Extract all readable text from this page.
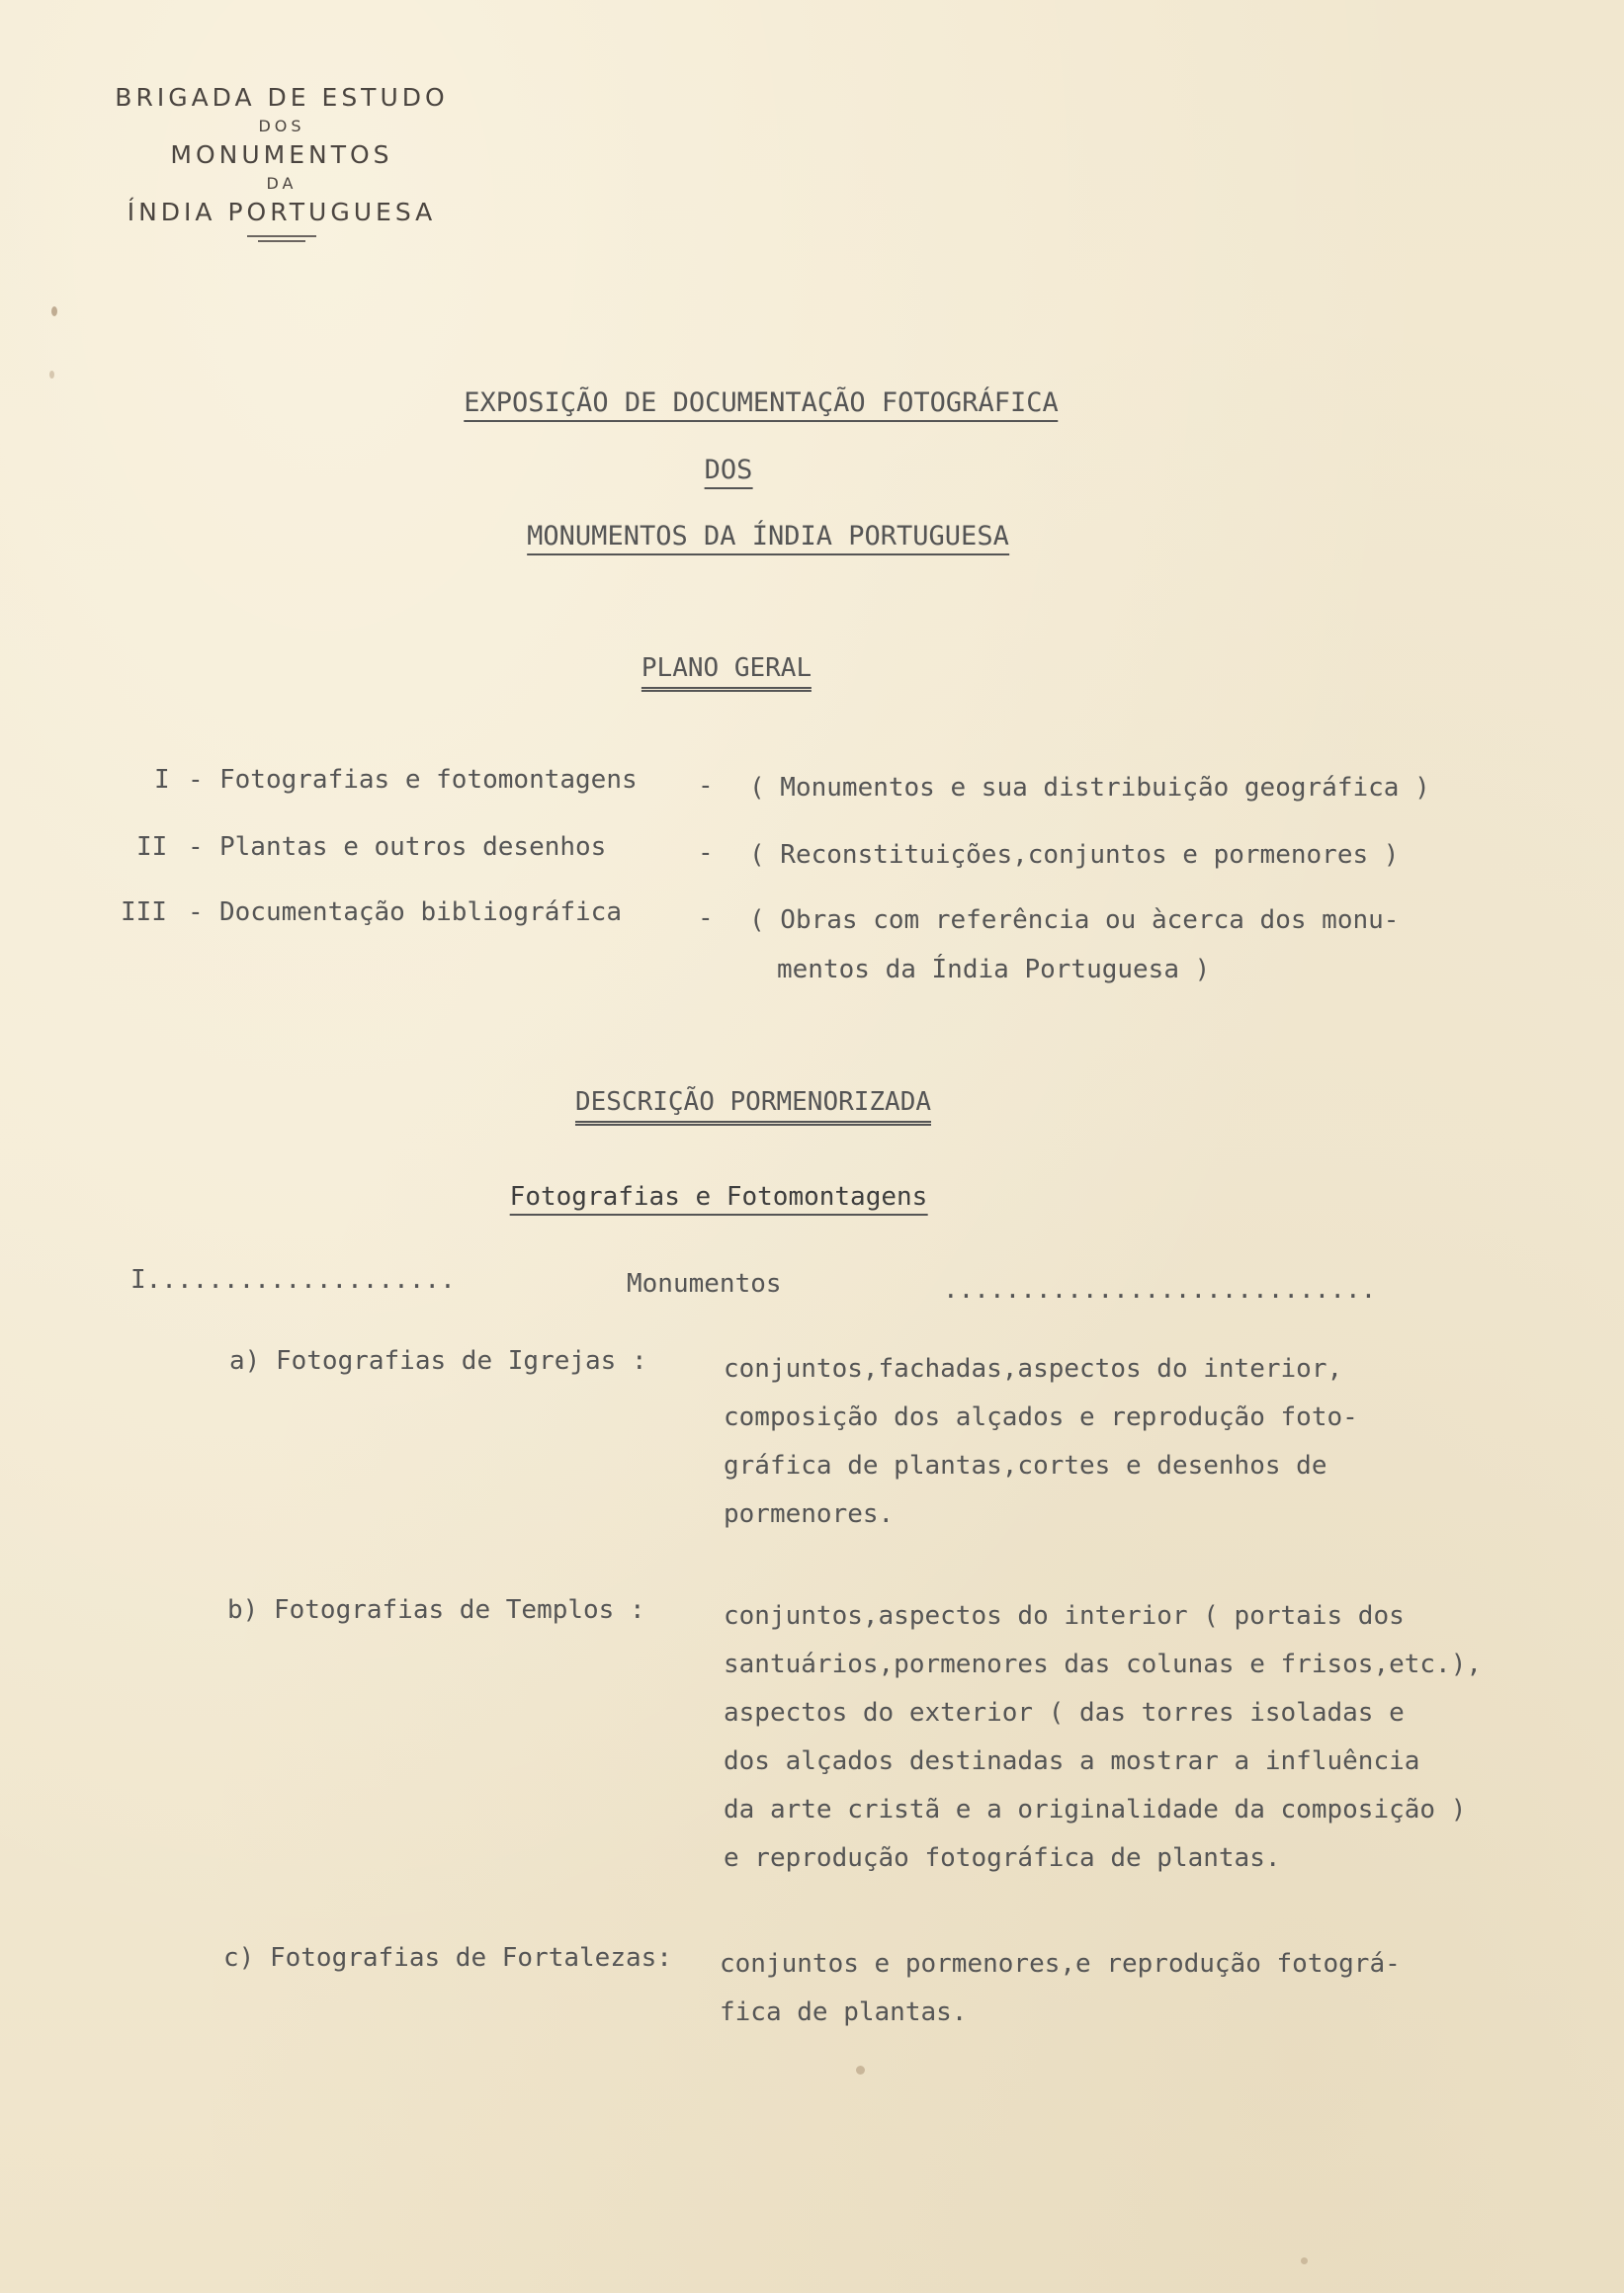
BRIGADA DE ESTUDO
DOS
MONUMENTOS
DA
ÍNDIA PORTUGUESA
EXPOSIÇÃO DE DOCUMENTAÇÃO FOTOGRÁFICA
DOS
MONUMENTOS DA ÍNDIA PORTUGUESA
PLANO GERAL
I - Fotografias e fotomontagens - ( Monumentos e sua distribuição geográfica )
II - Plantas e outros desenhos	- ( Reconstituições,conjuntos e pormenores )
III - Documentação bibliográfica	- ( Obras com referência ou àcerca dos monu-
mentos da Índia Portuguesa )
DESCRIÇÃO PORMENORIZADA
Fotografias e Fotomontagens
I....................	Monumentos	............................
a) Fotografias de Igrejas :	conjuntos,fachadas,aspectos do interior,
composição dos alçados e reprodução foto-
gráfica de plantas,cortes e desenhos de
pormenores.
b) Fotografias de Templos :	conjuntos,aspectos do interior ( portais dos
santuários,pormenores das colunas e frisos,etc.),
aspectos do exterior ( das torres isoladas e
dos alçados destinadas a mostrar a influência
da arte cristã e a originalidade da composição )
e reprodução fotográfica de plantas.
c) Fotografias de Fortalezas: conjuntos e pormenores,e reprodução fotográ-
fica de plantas.
